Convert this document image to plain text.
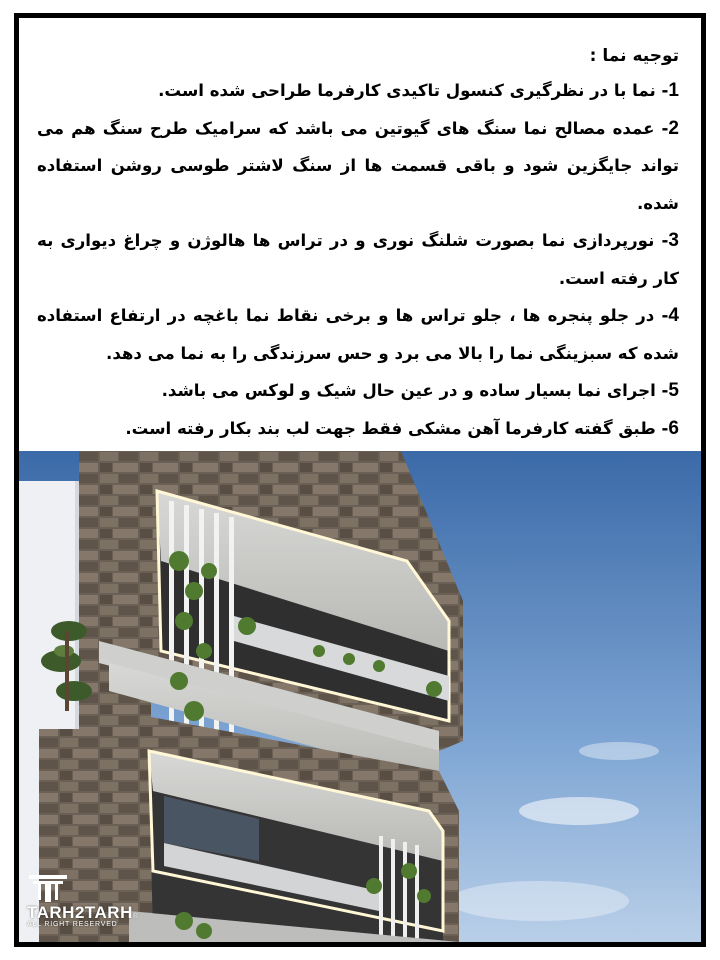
توجیه نما :

1- نما با در نظرگیری کنسول تاکیدی کارفرما طراحی شده است.

2- عمده مصالح نما سنگ های گیوتین می باشد که سرامیک طرح سنگ هم می تواند جایگزین شود و باقی قسمت ها از سنگ لاشتر طوسی روشن استفاده شده.

3- نورپردازی نما بصورت شلنگ نوری و در تراس ها هالوژن و چراغ دیواری به کار رفته است.

4- در جلو پنجره ها ، جلو تراس ها و برخی نقاط نما باغچه در ارتفاع استفاده شده که سبزینگی نما را بالا می برد و حس سرزندگی را به نما می دهد.

5- اجرای نما بسیار ساده و در عین حال شیک و لوکس می باشد.

6- طبق گفته کارفرما آهن مشکی فقط جهت لب بند بکار رفته است.

TARH2TARH®
ALL RIGHT RESERVED
